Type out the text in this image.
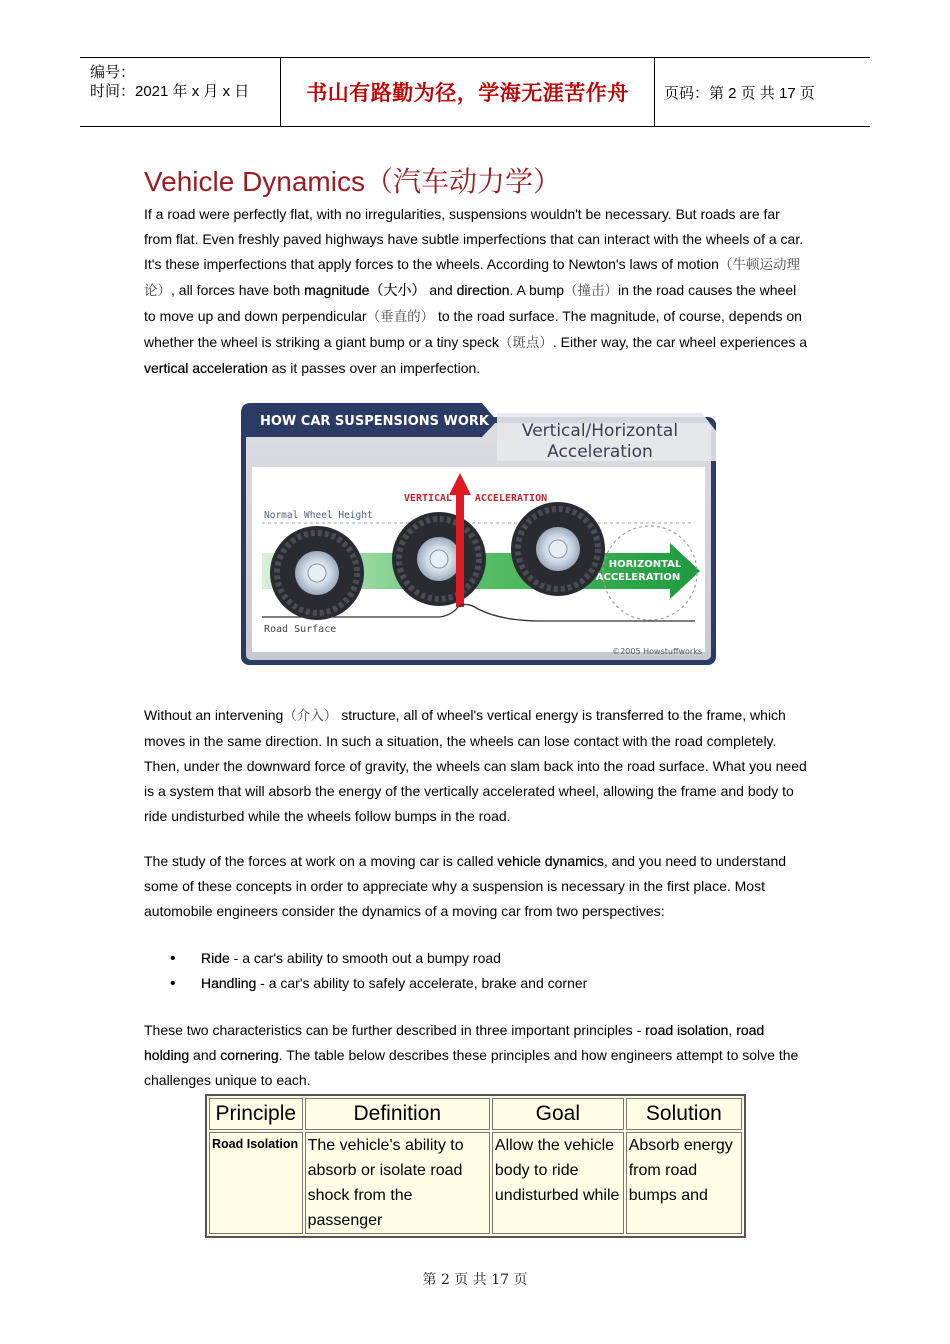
编号：
时间：2021 年 x 月 x 日	书山有路勤为径，学海无涯苦作舟 页码：第 2 页 共 17 页
Vehicle Dynamics（汽车动力学）

If a road were perfectly flat, with no irregularities, suspensions wouldn't be necessary. But roads are far from flat. Even freshly paved highways have subtle imperfections that can interact with the wheels of a car. It's these imperfections that apply forces to the wheels. According to Newton's laws of motion（牛顿运动理论）, all forces have both magnitude（大小） and direction. A bump（撞击）in the road causes the wheel to move up and down perpendicular（垂直的） to the road surface. The magnitude, of course, depends on whether the wheel is striking a giant bump or a tiny speck（斑点）. Either way, the car wheel experiences a vertical acceleration as it passes over an imperfection.

HOW CAR SUSPENSIONS WORK Vertical/Horizontal
Acceleration
Normal Wheel Height
HORIZONTAL
ACCELERATION
VERTICAL ACCELERATION
Road Surface
©2005 Howstuffworks

Without an intervening（介入） structure, all of wheel's vertical energy is transferred to the frame, which moves in the same direction. In such a situation, the wheels can lose contact with the road completely. Then, under the downward force of gravity, the wheels can slam back into the road surface. What you need is a system that will absorb the energy of the vertically accelerated wheel, allowing the frame and body to ride undisturbed while the wheels follow bumps in the road.

The study of the forces at work on a moving car is called vehicle dynamics, and you need to understand some of these concepts in order to appreciate why a suspension is necessary in the first place. Most automobile engineers consider the dynamics of a moving car from two perspectives:

• Ride - a car's ability to smooth out a bumpy road
• Handling - a car's ability to safely accelerate, brake and corner

These two characteristics can be further described in three important principles - road isolation, road holding and cornering. The table below describes these principles and how engineers attempt to solve the challenges unique to each.

Principle	Definition	Goal	Solution
Road Isolation	The vehicle's ability to absorb or isolate road shock from the passenger	Allow the vehicle body to ride undisturbed while	Absorb energy from road bumps and
第 2 页 共 17 页
